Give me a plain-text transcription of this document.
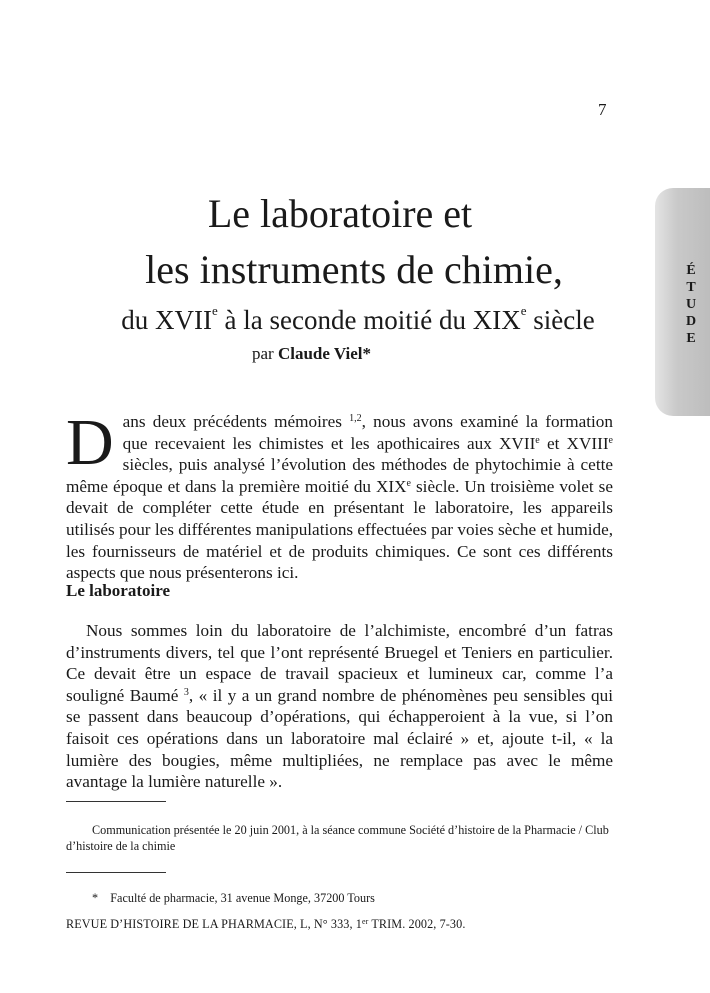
7
É
T
U
D
E
Le laboratoire et
les instruments de chimie,
du XVIIe à la seconde moitié du XIXe siècle
par Claude Viel*

Dans deux précédents mémoires $^{1,2}$, nous avons examiné la formation que recevaient les chimistes et les apothicaires aux XVIIe et XVIIIe siècles, puis analysé l’évolution des méthodes de phytochimie à cette même époque et dans la première moitié du XIXe siècle. Un troisième volet se devait de compléter cette étude en présentant le laboratoire, les appareils utilisés pour les différentes manipulations effectuées par voies sèche et humide, les fournisseurs de matériel et de produits chimiques. Ce sont ces différents aspects que nous présenterons ici.

Le laboratoire

Nous sommes loin du laboratoire de l’alchimiste, encombré d’un fatras d’instruments divers, tel que l’ont représenté Bruegel et Teniers en particulier. Ce devait être un espace de travail spacieux et lumineux car, comme l’a souligné Baumé $^3$, « il y a un grand nombre de phénomènes peu sensibles qui se passent dans beaucoup d’opérations, qui échapperoient à la vue, si l’on faisoit ces opérations dans un laboratoire mal éclairé » et, ajoute t-il, « la lumière des bougies, même multipliées, ne remplace pas avec le même avantage la lumière naturelle ».

Communication présentée le 20 juin 2001, à la séance commune Société d’histoire de la Pharmacie / Club d’histoire de la chimie

* Faculté de pharmacie, 31 avenue Monge, 37200 Tours

REVUE D’HISTOIRE DE LA PHARMACIE, L, N° 333, 1er TRIM. 2002, 7-30.
